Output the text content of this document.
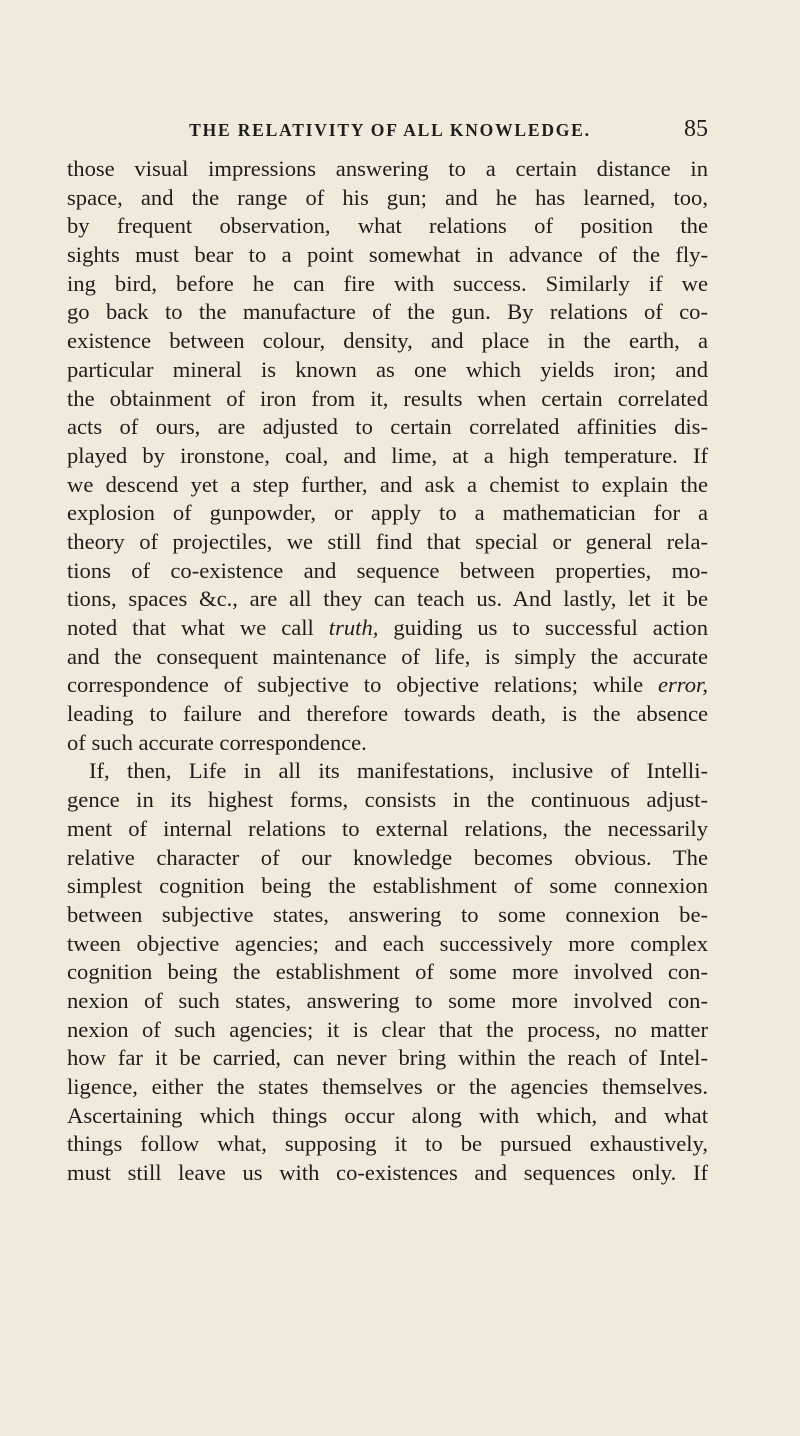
THE RELATIVITY OF ALL KNOWLEDGE.	85
those visual impressions answering to a certain distance in
space, and the range of his gun; and he has learned, too,
by frequent observation, what relations of position the
sights must bear to a point somewhat in advance of the fly-
ing bird, before he can fire with success. Similarly if we
go back to the manufacture of the gun. By relations of co-
existence between colour, density, and place in the earth, a
particular mineral is known as one which yields iron; and
the obtainment of iron from it, results when certain correlated
acts of ours, are adjusted to certain correlated affinities dis-
played by ironstone, coal, and lime, at a high temperature. If
we descend yet a step further, and ask a chemist to explain the
explosion of gunpowder, or apply to a mathematician for a
theory of projectiles, we still find that special or general rela-
tions of co-existence and sequence between properties, mo-
tions, spaces &c., are all they can teach us. And lastly, let it be
noted that what we call truth, guiding us to successful action
and the consequent maintenance of life, is simply the accurate
correspondence of subjective to objective relations; while error,
leading to failure and therefore towards death, is the absence
of such accurate correspondence.
If, then, Life in all its manifestations, inclusive of Intelli-
gence in its highest forms, consists in the continuous adjust-
ment of internal relations to external relations, the necessarily
relative character of our knowledge becomes obvious. The
simplest cognition being the establishment of some connexion
between subjective states, answering to some connexion be-
tween objective agencies; and each successively more complex
cognition being the establishment of some more involved con-
nexion of such states, answering to some more involved con-
nexion of such agencies; it is clear that the process, no matter
how far it be carried, can never bring within the reach of Intel-
ligence, either the states themselves or the agencies themselves.
Ascertaining which things occur along with which, and what
things follow what, supposing it to be pursued exhaustively,
must still leave us with co-existences and sequences only. If
